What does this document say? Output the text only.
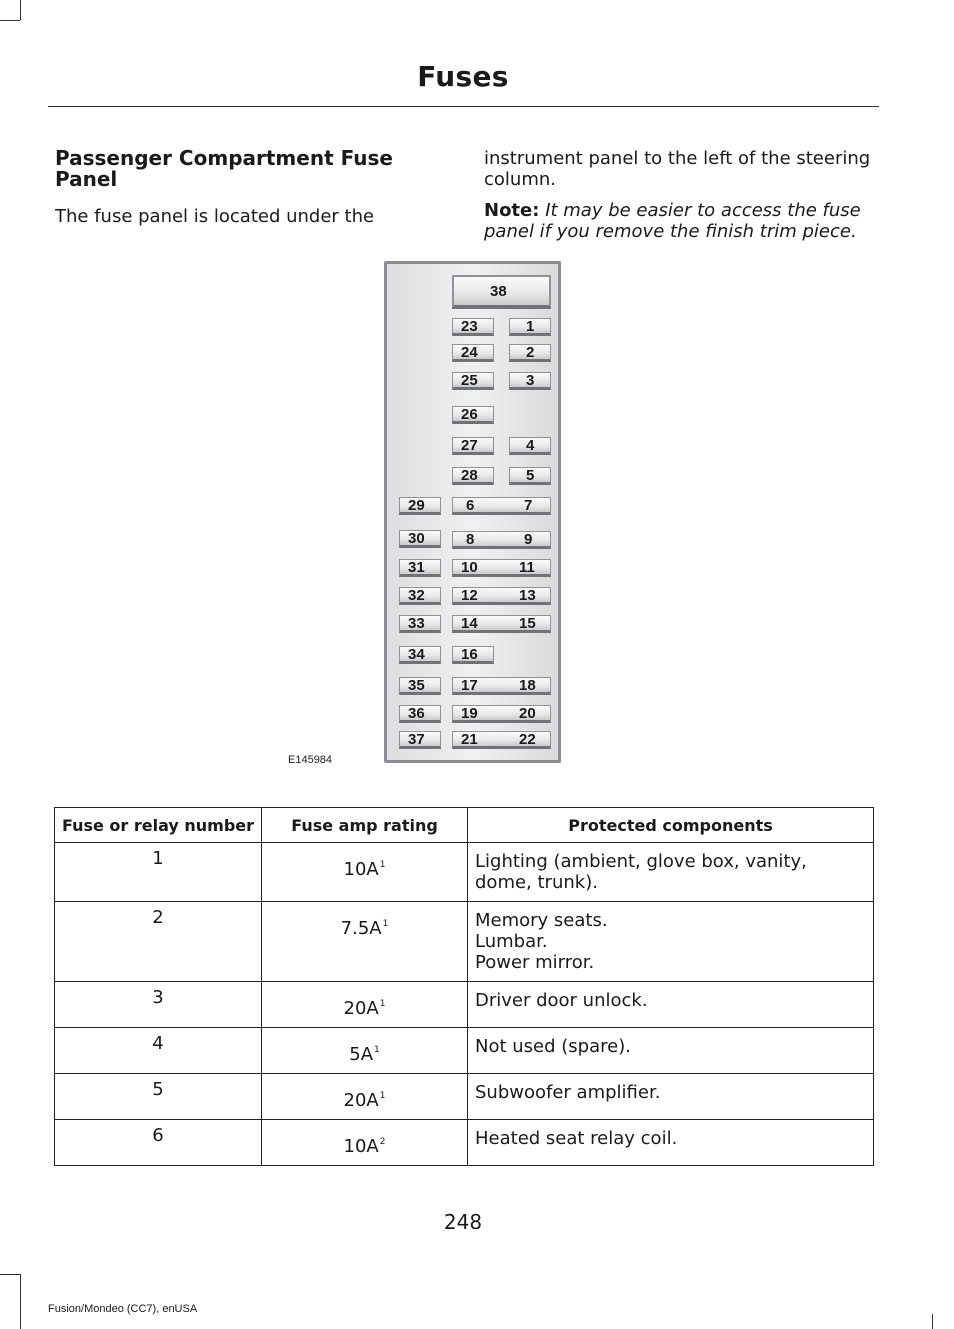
Fuses
Passenger Compartment Fuse Panel

The fuse panel is located under the

instrument panel to the left of the steering column.

Note: It may be easier to access the fuse panel if you remove the finish trim piece.

38
23	1
24	2
25	3
26
27	4
28	5
29	6	7
30	8	9
31 10	11
32 12	13
33 14	15
34 16
35 17	18
36 19	20
37 21	22
E145984
Fuse or relay number	Fuse amp rating	Protected components
1	$10A^1$	Lighting (ambient, glove box, vanity, dome, trunk).

2	$7.5A^1$	Memory seats.
Lumbar.
Power mirror.

3	$20A^1$	Driver door unlock.

4	$5A^1$	Not used (spare).

5	$20A^1$	Subwoofer amplifier.

6	$10A^2$	Heated seat relay coil.
248
Fusion/Mondeo (CC7), enUSA
